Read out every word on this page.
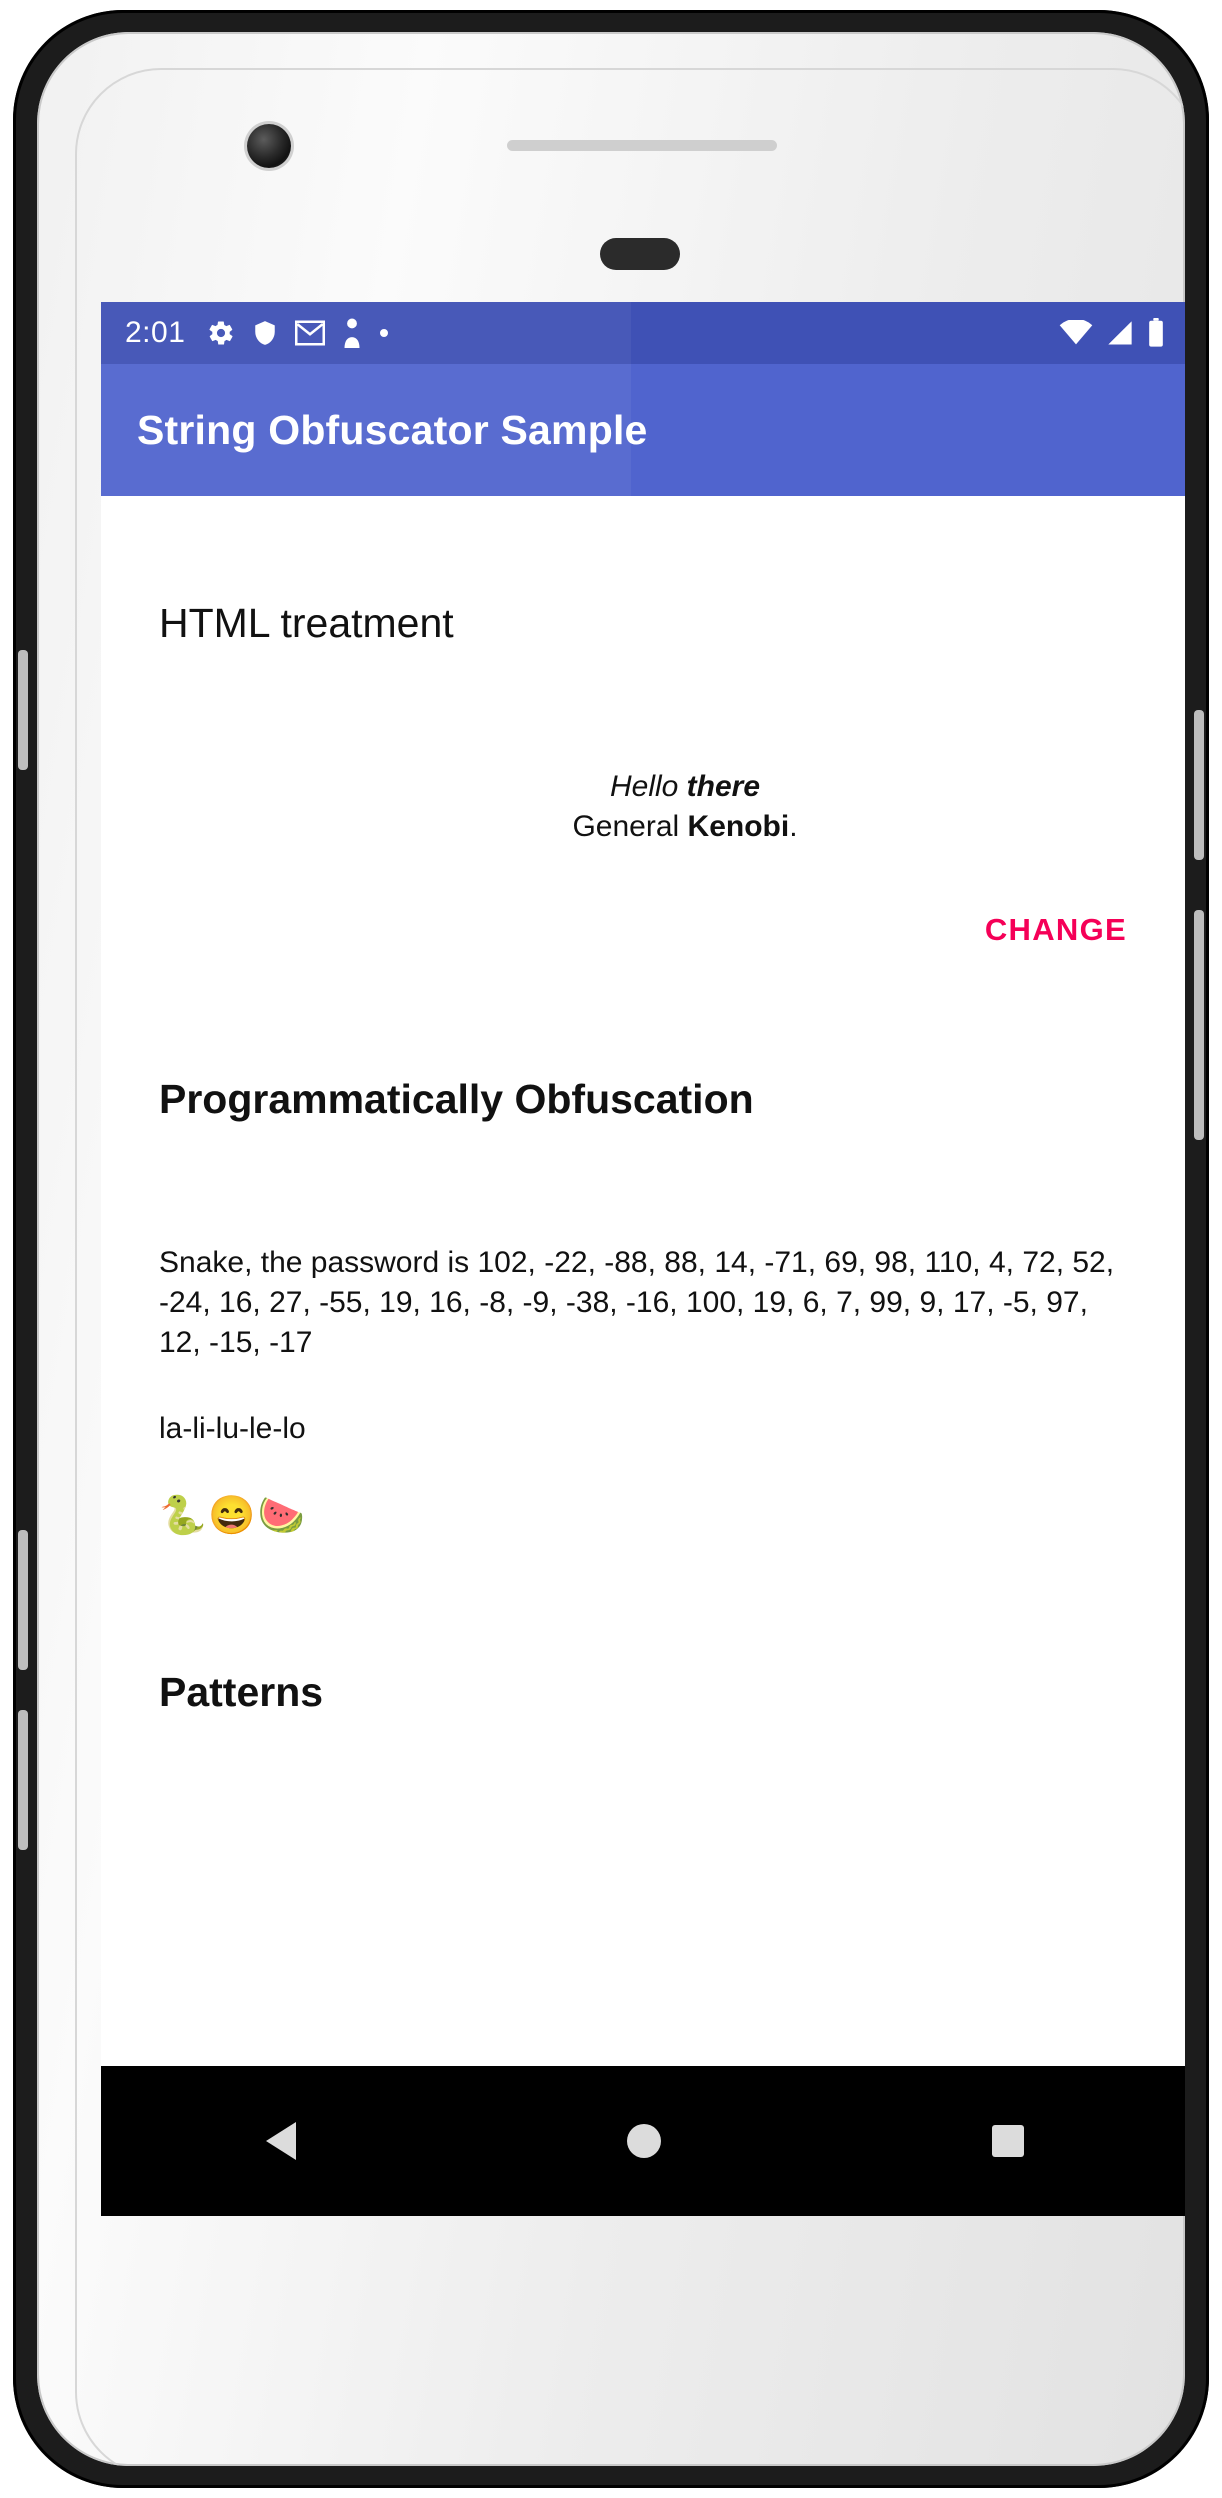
2:01
String Obfuscator Sample
HTML treatment
Hello there
General Kenobi.
CHANGE
Programmatically Obfuscation

Snake, the password is 102, -22, -88, 88, 14, -71, 69, 98, 110, 4, 72, 52, -24, 16, 27, -55, 19, 16, -8, -9, -38, -16, 100, 19, 6, 7, 99, 9, 17, -5, 97, 12, -15, -17

la-li-lu-le-lo

🐍😄🍉

Patterns
